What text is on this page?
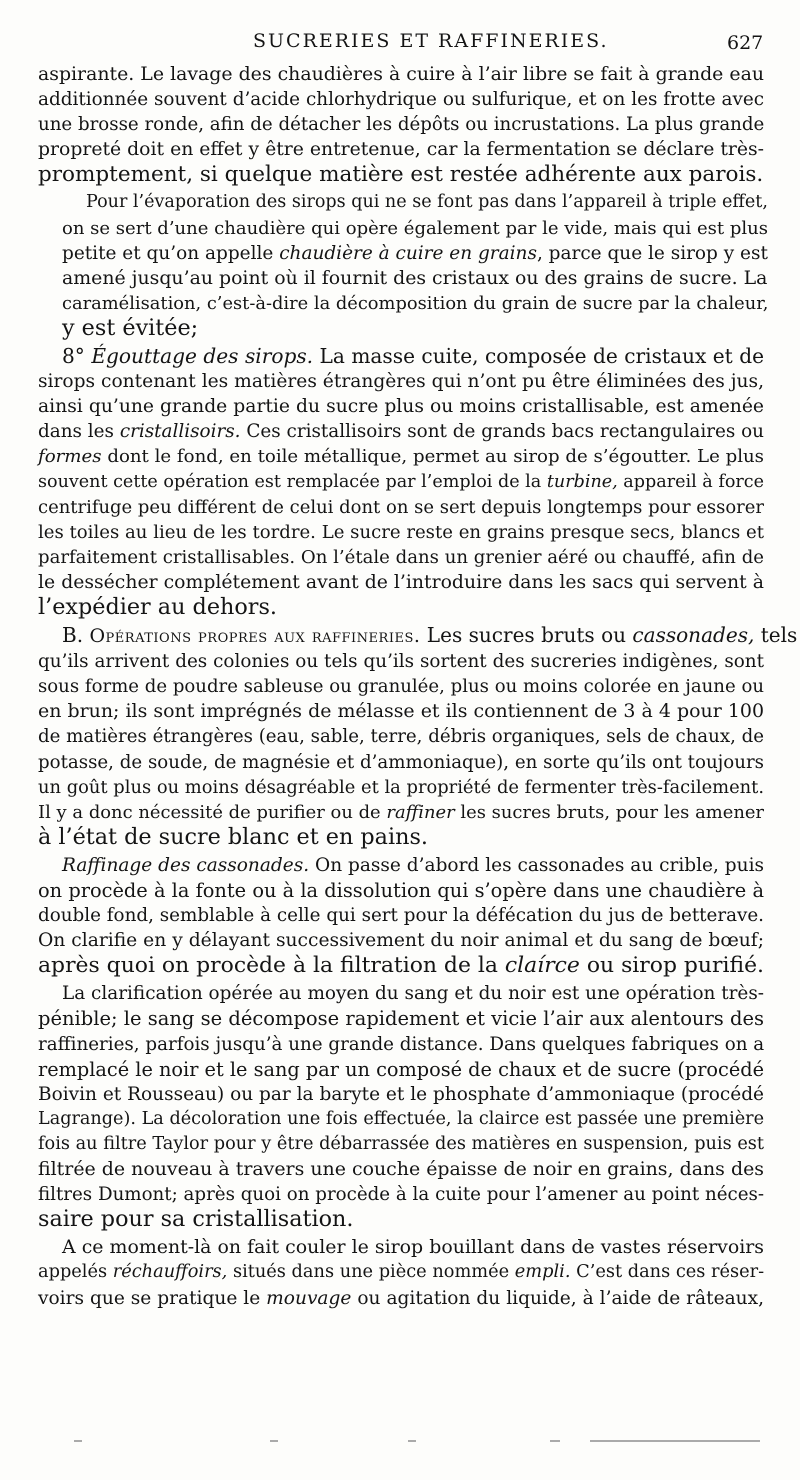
SUCRERIES ET RAFFINERIES.	627

aspirante. Le lavage des chaudières à cuire à l’air libre se fait à grande eau
additionnée souvent d’acide chlorhydrique ou sulfurique, et on les frotte avec
une brosse ronde, afin de détacher les dépôts ou incrustations. La plus grande
propreté doit en effet y être entretenue, car la fermentation se déclare très-
promptement, si quelque matière est restée adhérente aux parois.

Pour l’évaporation des sirops qui ne se font pas dans l’appareil à triple effet,
on se sert d’une chaudière qui opère également par le vide, mais qui est plus
petite et qu’on appelle chaudière à cuire en grains, parce que le sirop y est
amené jusqu’au point où il fournit des cristaux ou des grains de sucre. La
caramélisation, c’est-à-dire la décomposition du grain de sucre par la chaleur,
y est évitée;

8° Égouttage des sirops. La masse cuite, composée de cristaux et de
sirops contenant les matières étrangères qui n’ont pu être éliminées des jus,
ainsi qu’une grande partie du sucre plus ou moins cristallisable, est amenée
dans les cristallisoirs. Ces cristallisoirs sont de grands bacs rectangulaires ou
formes dont le fond, en toile métallique, permet au sirop de s’égoutter. Le plus
souvent cette opération est remplacée par l’emploi de la turbine, appareil à force
centrifuge peu différent de celui dont on se sert depuis longtemps pour essorer
les toiles au lieu de les tordre. Le sucre reste en grains presque secs, blancs et
parfaitement cristallisables. On l’étale dans un grenier aéré ou chauffé, afin de
le dessécher complétement avant de l’introduire dans les sacs qui servent à
l’expédier au dehors.

B. Opérations propres aux raffineries. Les sucres bruts ou cassonades, tels
qu’ils arrivent des colonies ou tels qu’ils sortent des sucreries indigènes, sont
sous forme de poudre sableuse ou granulée, plus ou moins colorée en jaune ou
en brun; ils sont imprégnés de mélasse et ils contiennent de 3 à 4 pour 100
de matières étrangères (eau, sable, terre, débris organiques, sels de chaux, de
potasse, de soude, de magnésie et d’ammoniaque), en sorte qu’ils ont toujours
un goût plus ou moins désagréable et la propriété de fermenter très-facilement.
Il y a donc nécessité de purifier ou de raffiner les sucres bruts, pour les amener
à l’état de sucre blanc et en pains.

Raffinage des cassonades. On passe d’abord les cassonades au crible, puis
on procède à la fonte ou à la dissolution qui s’opère dans une chaudière à
double fond, semblable à celle qui sert pour la défécation du jus de betterave.
On clarifie en y délayant successivement du noir animal et du sang de bœuf;
après quoi on procède à la filtration de la claírce ou sirop purifié.

La clarification opérée au moyen du sang et du noir est une opération très-
pénible; le sang se décompose rapidement et vicie l’air aux alentours des
raffineries, parfois jusqu’à une grande distance. Dans quelques fabriques on a
remplacé le noir et le sang par un composé de chaux et de sucre (procédé
Boivin et Rousseau) ou par la baryte et le phosphate d’ammoniaque (procédé
Lagrange). La décoloration une fois effectuée, la clairce est passée une première
fois au filtre Taylor pour y être débarrassée des matières en suspension, puis est
filtrée de nouveau à travers une couche épaisse de noir en grains, dans des
filtres Dumont; après quoi on procède à la cuite pour l’amener au point néces-
saire pour sa cristallisation.

A ce moment-là on fait couler le sirop bouillant dans de vastes réservoirs
appelés réchauffoirs, situés dans une pièce nommée empli. C’est dans ces réser-
voirs que se pratique le mouvage ou agitation du liquide, à l’aide de râteaux,
